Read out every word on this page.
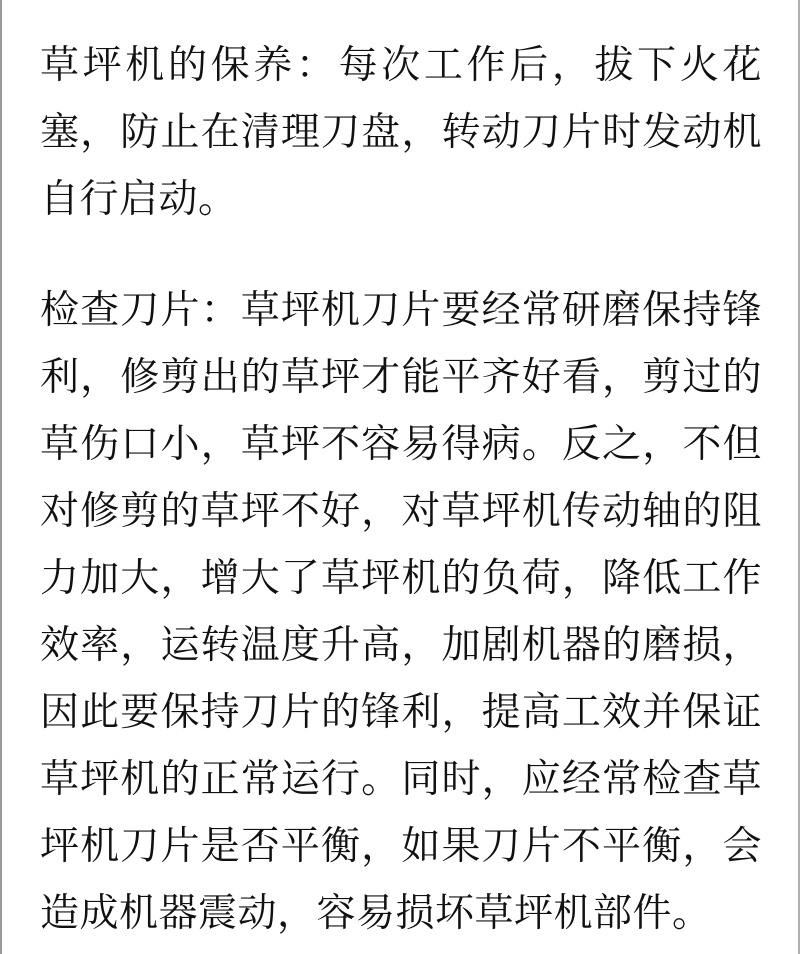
草坪机的保养：每次工作后，拔下火花塞，防止在清理刀盘，转动刀片时发动机自行启动。

检查刀片：草坪机刀片要经常研磨保持锋利，修剪出的草坪才能平齐好看，剪过的草伤口小，草坪不容易得病。反之，不但对修剪的草坪不好，对草坪机传动轴的阻力加大，增大了草坪机的负荷，降低工作效率，运转温度升高，加剧机器的磨损，因此要保持刀片的锋利，提高工效并保证草坪机的正常运行。同时，应经常检查草坪机刀片是否平衡，如果刀片不平衡，会造成机器震动，容易损坏草坪机部件。
